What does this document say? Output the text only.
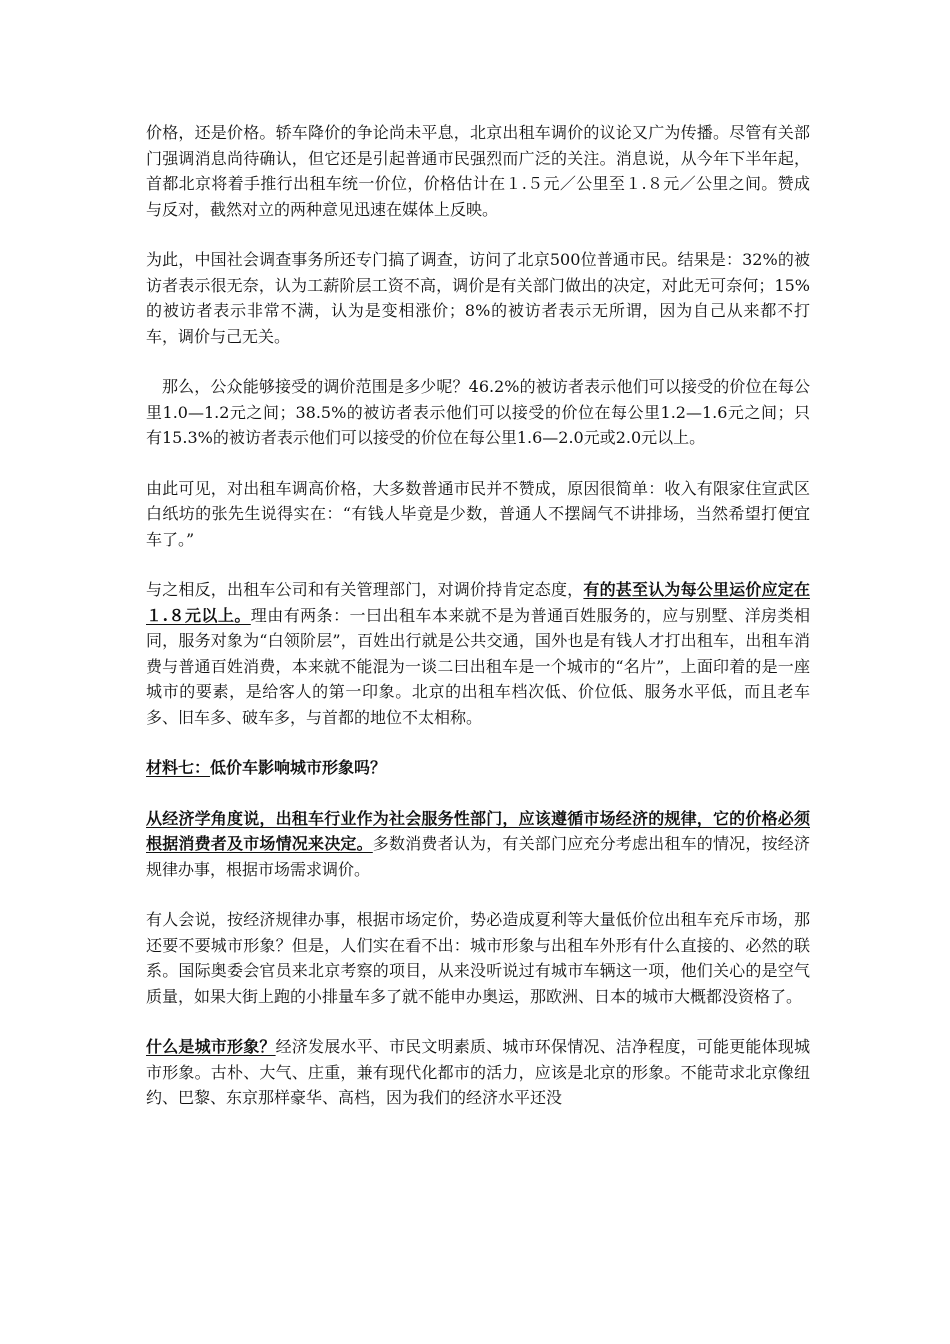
价格，还是价格。轿车降价的争论尚未平息，北京出租车调价的议论又广为传播。尽管有关部门强调消息尚待确认，但它还是引起普通市民强烈而广泛的关注。消息说，从今年下半年起，首都北京将着手推行出租车统一价位，价格估计在１.５元／公里至１.８元／公里之间。赞成与反对，截然对立的两种意见迅速在媒体上反映。

为此，中国社会调查事务所还专门搞了调查，访问了北京500位普通市民。结果是：32%的被访者表示很无奈，认为工薪阶层工资不高，调价是有关部门做出的决定，对此无可奈何；15%的被访者表示非常不满，认为是变相涨价；8%的被访者表示无所谓，因为自己从来都不打车，调价与己无关。

那么，公众能够接受的调价范围是多少呢？46.2%的被访者表示他们可以接受的价位在每公里1.0—1.2元之间；38.5%的被访者表示他们可以接受的价位在每公里1.2—1.6元之间；只有15.3%的被访者表示他们可以接受的价位在每公里1.6—2.0元或2.0元以上。

由此可见，对出租车调高价格，大多数普通市民并不赞成，原因很简单：收入有限家住宣武区白纸坊的张先生说得实在：“有钱人毕竟是少数，普通人不摆阔气不讲排场，当然希望打便宜车了。”

与之相反，出租车公司和有关管理部门，对调价持肯定态度，有的甚至认为每公里运价应定在１.８元以上。理由有两条：一曰出租车本来就不是为普通百姓服务的，应与别墅、洋房类相同，服务对象为“白领阶层”，百姓出行就是公共交通，国外也是有钱人才打出租车，出租车消费与普通百姓消费，本来就不能混为一谈二曰出租车是一个城市的“名片”，上面印着的是一座城市的要素，是给客人的第一印象。北京的出租车档次低、价位低、服务水平低，而且老车多、旧车多、破车多，与首都的地位不太相称。

材料七：低价车影响城市形象吗？

从经济学角度说，出租车行业作为社会服务性部门，应该遵循市场经济的规律，它的价格必须根据消费者及市场情况来决定。多数消费者认为，有关部门应充分考虑出租车的情况，按经济规律办事，根据市场需求调价。

有人会说，按经济规律办事，根据市场定价，势必造成夏利等大量低价位出租车充斥市场，那还要不要城市形象？但是，人们实在看不出：城市形象与出租车外形有什么直接的、必然的联系。国际奥委会官员来北京考察的项目，从来没听说过有城市车辆这一项，他们关心的是空气质量，如果大街上跑的小排量车多了就不能申办奥运，那欧洲、日本的城市大概都没资格了。

什么是城市形象？经济发展水平、市民文明素质、城市环保情况、洁净程度，可能更能体现城市形象。古朴、大气、庄重，兼有现代化都市的活力，应该是北京的形象。不能苛求北京像纽约、巴黎、东京那样豪华、高档，因为我们的经济水平还没
